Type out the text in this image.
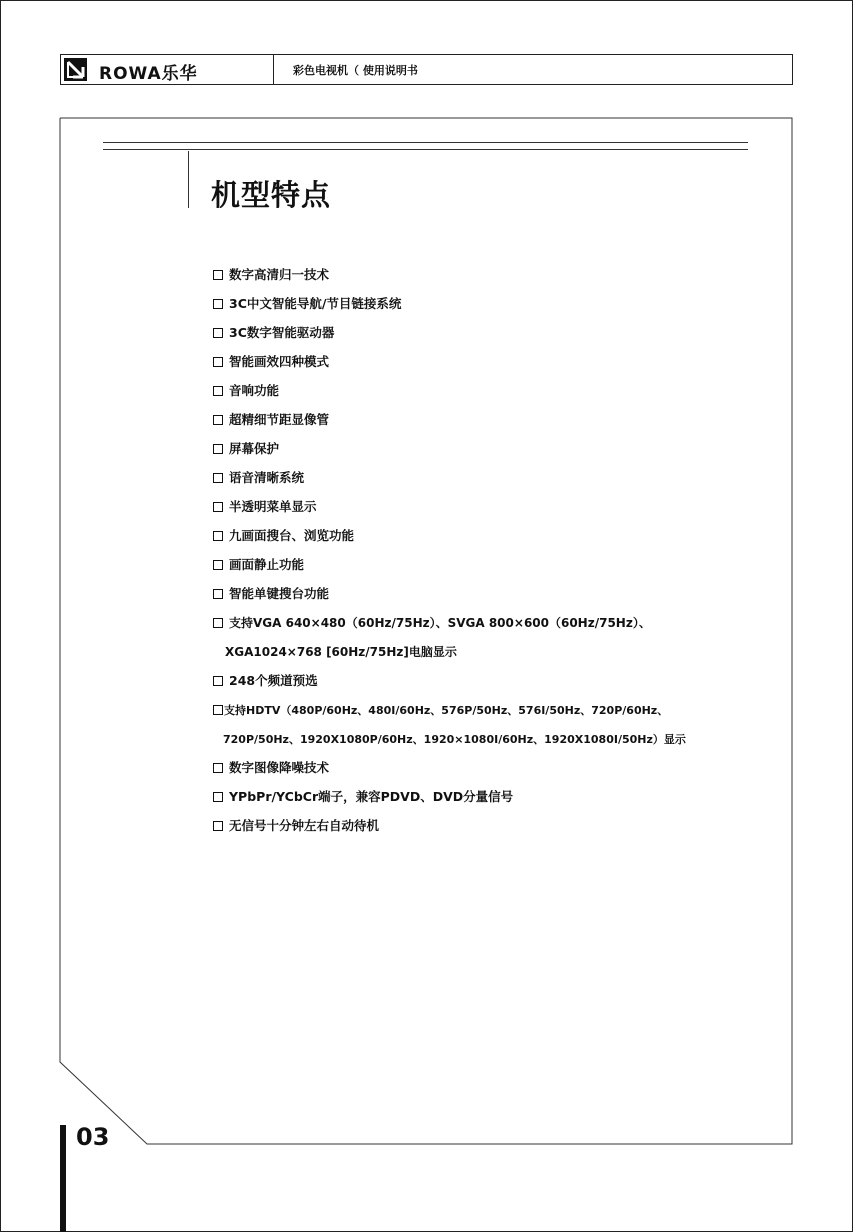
ROWA乐华	彩色电视机（ 使用说明书
机型特点
数字高清归一技术
3C中文智能导航/节目链接系统
3C数字智能驱动器
智能画效四种模式
音响功能
超精细节距显像管
屏幕保护
语音清晰系统
半透明菜单显示
九画面搜台、浏览功能
画面静止功能
智能单键搜台功能
支持VGA 640×480（60Hz/75Hz）、SVGA 800×600（60Hz/75Hz）、
XGA1024×768 [60Hz/75Hz]电脑显示
248个频道预选
支持HDTV（480P/60Hz、480I/60Hz、576P/50Hz、576I/50Hz、720P/60Hz、
720P/50Hz、1920X1080P/60Hz、1920×1080I/60Hz、1920X1080I/50Hz）显示
数字图像降噪技术
YPbPr/YCbCr端子，兼容PDVD、DVD分量信号
无信号十分钟左右自动待机
03
